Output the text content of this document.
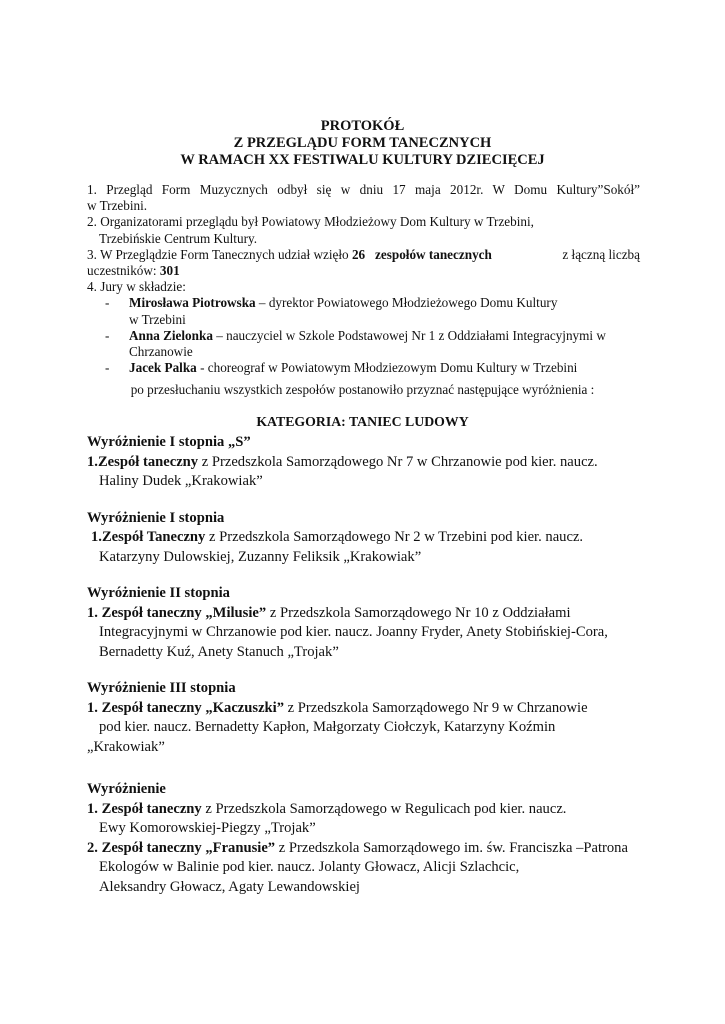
PROTOKÓŁ
Z PRZEGLĄDU FORM TANECZNYCH
W RAMACH XX FESTIWALU KULTURY DZIECIĘCEJ
1. Przegląd Form Muzycznych odbył się w dniu 17 maja 2012r. W Domu Kultury”Sokół”
w Trzebini.
2. Organizatorami przeglądu był Powiatowy Młodzieżowy Dom Kultury w Trzebini,
Trzebińskie Centrum Kultury.
3. W Przeglądzie Form Tanecznych udział wzięło 26 zespołów tanecznych	z łączną liczbą
uczestników: 301
4. Jury w składzie:
-	Mirosława Piotrowska – dyrektor Powiatowego Młodzieżowego Domu Kultury
w Trzebini
-	Anna Zielonka – nauczyciel w Szkole Podstawowej Nr 1 z Oddziałami Integracyjnymi w
Chrzanowie
-	Jacek Palka - choreograf w Powiatowym Młodziezowym Domu Kultury w Trzebini
po przesłuchaniu wszystkich zespołów postanowiło przyznać następujące wyróżnienia :
KATEGORIA: TANIEC LUDOWY
Wyróżnienie I stopnia „S”
1.Zespół taneczny z Przedszkola Samorządowego Nr 7 w Chrzanowie pod kier. naucz.
Haliny Dudek „Krakowiak”
Wyróżnienie I stopnia
1.Zespół Taneczny z Przedszkola Samorządowego Nr 2 w Trzebini pod kier. naucz.
Katarzyny Dulowskiej, Zuzanny Feliksik „Krakowiak”
Wyróżnienie II stopnia
1. Zespół taneczny „Milusie” z Przedszkola Samorządowego Nr 10 z Oddziałami
Integracyjnymi w Chrzanowie pod kier. naucz. Joanny Fryder, Anety Stobińskiej-Cora,
Bernadetty Kuź, Anety Stanuch „Trojak”
Wyróżnienie III stopnia
1. Zespół taneczny „Kaczuszki” z Przedszkola Samorządowego Nr 9 w Chrzanowie
pod kier. naucz. Bernadetty Kapłon, Małgorzaty Ciołczyk, Katarzyny Koźmin
„Krakowiak”
Wyróżnienie
1. Zespół taneczny z Przedszkola Samorządowego w Regulicach pod kier. naucz.
Ewy Komorowskiej-Piegzy „Trojak”
2. Zespół taneczny „Franusie” z Przedszkola Samorządowego im. św. Franciszka –Patrona
Ekologów w Balinie pod kier. naucz. Jolanty Głowacz, Alicji Szlachcic,
Aleksandry Głowacz, Agaty Lewandowskiej
